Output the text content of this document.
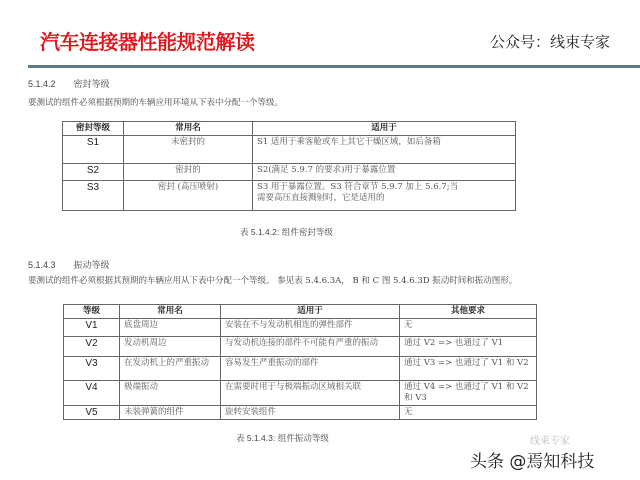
汽车连接器性能规范解读	公众号：线束专家
5.1.4.2 密封等级
要测试的组件必须根据预期的车辆应用环境从下表中分配一个等级。
密封等级	常用名	适用于
S1	未密封的	S1 适用于乘客舱或车上其它干燥区域，如后备箱
S2	密封的	S2(满足 5.9.7 的要求)用于暴露位置
S3	密封 (高压喷射)	S3 用于暴露位置。S3 符合章节 5.9.7 加上 5.6.7;当需要高压直接溅射时，它是适用的
表 5.1.4.2: 组件密封等级
5.1.4.3 振动等级
要测试的组件必须根据其预期的车辆应用从下表中分配一个等级。 参见表 5.4.6.3A， B 和 C 图 5.4.6.3D 振动时间和振动图形。
等级	常用名	适用于	其他要求
V1	底盘周边	安装在不与发动机相连的弹性部件	无
V2	发动机周边	与发动机连接的部件不可能有严重的振动	通过 V2 => 也通过了 V1
V3	在发动机上的严重振动	容易发生严重振动的部件	通过 V3 => 也通过了 V1 和 V2
V4	极端振动	在需要时用于与极端振动区域相关联	通过 V4 => 也通过了 V1 和 V2 和 V3
V5	未装弹簧的组件	旋转安装组件	无
表 5.1.4.3: 组件振动等级	线束专家
头条 @焉知科技
